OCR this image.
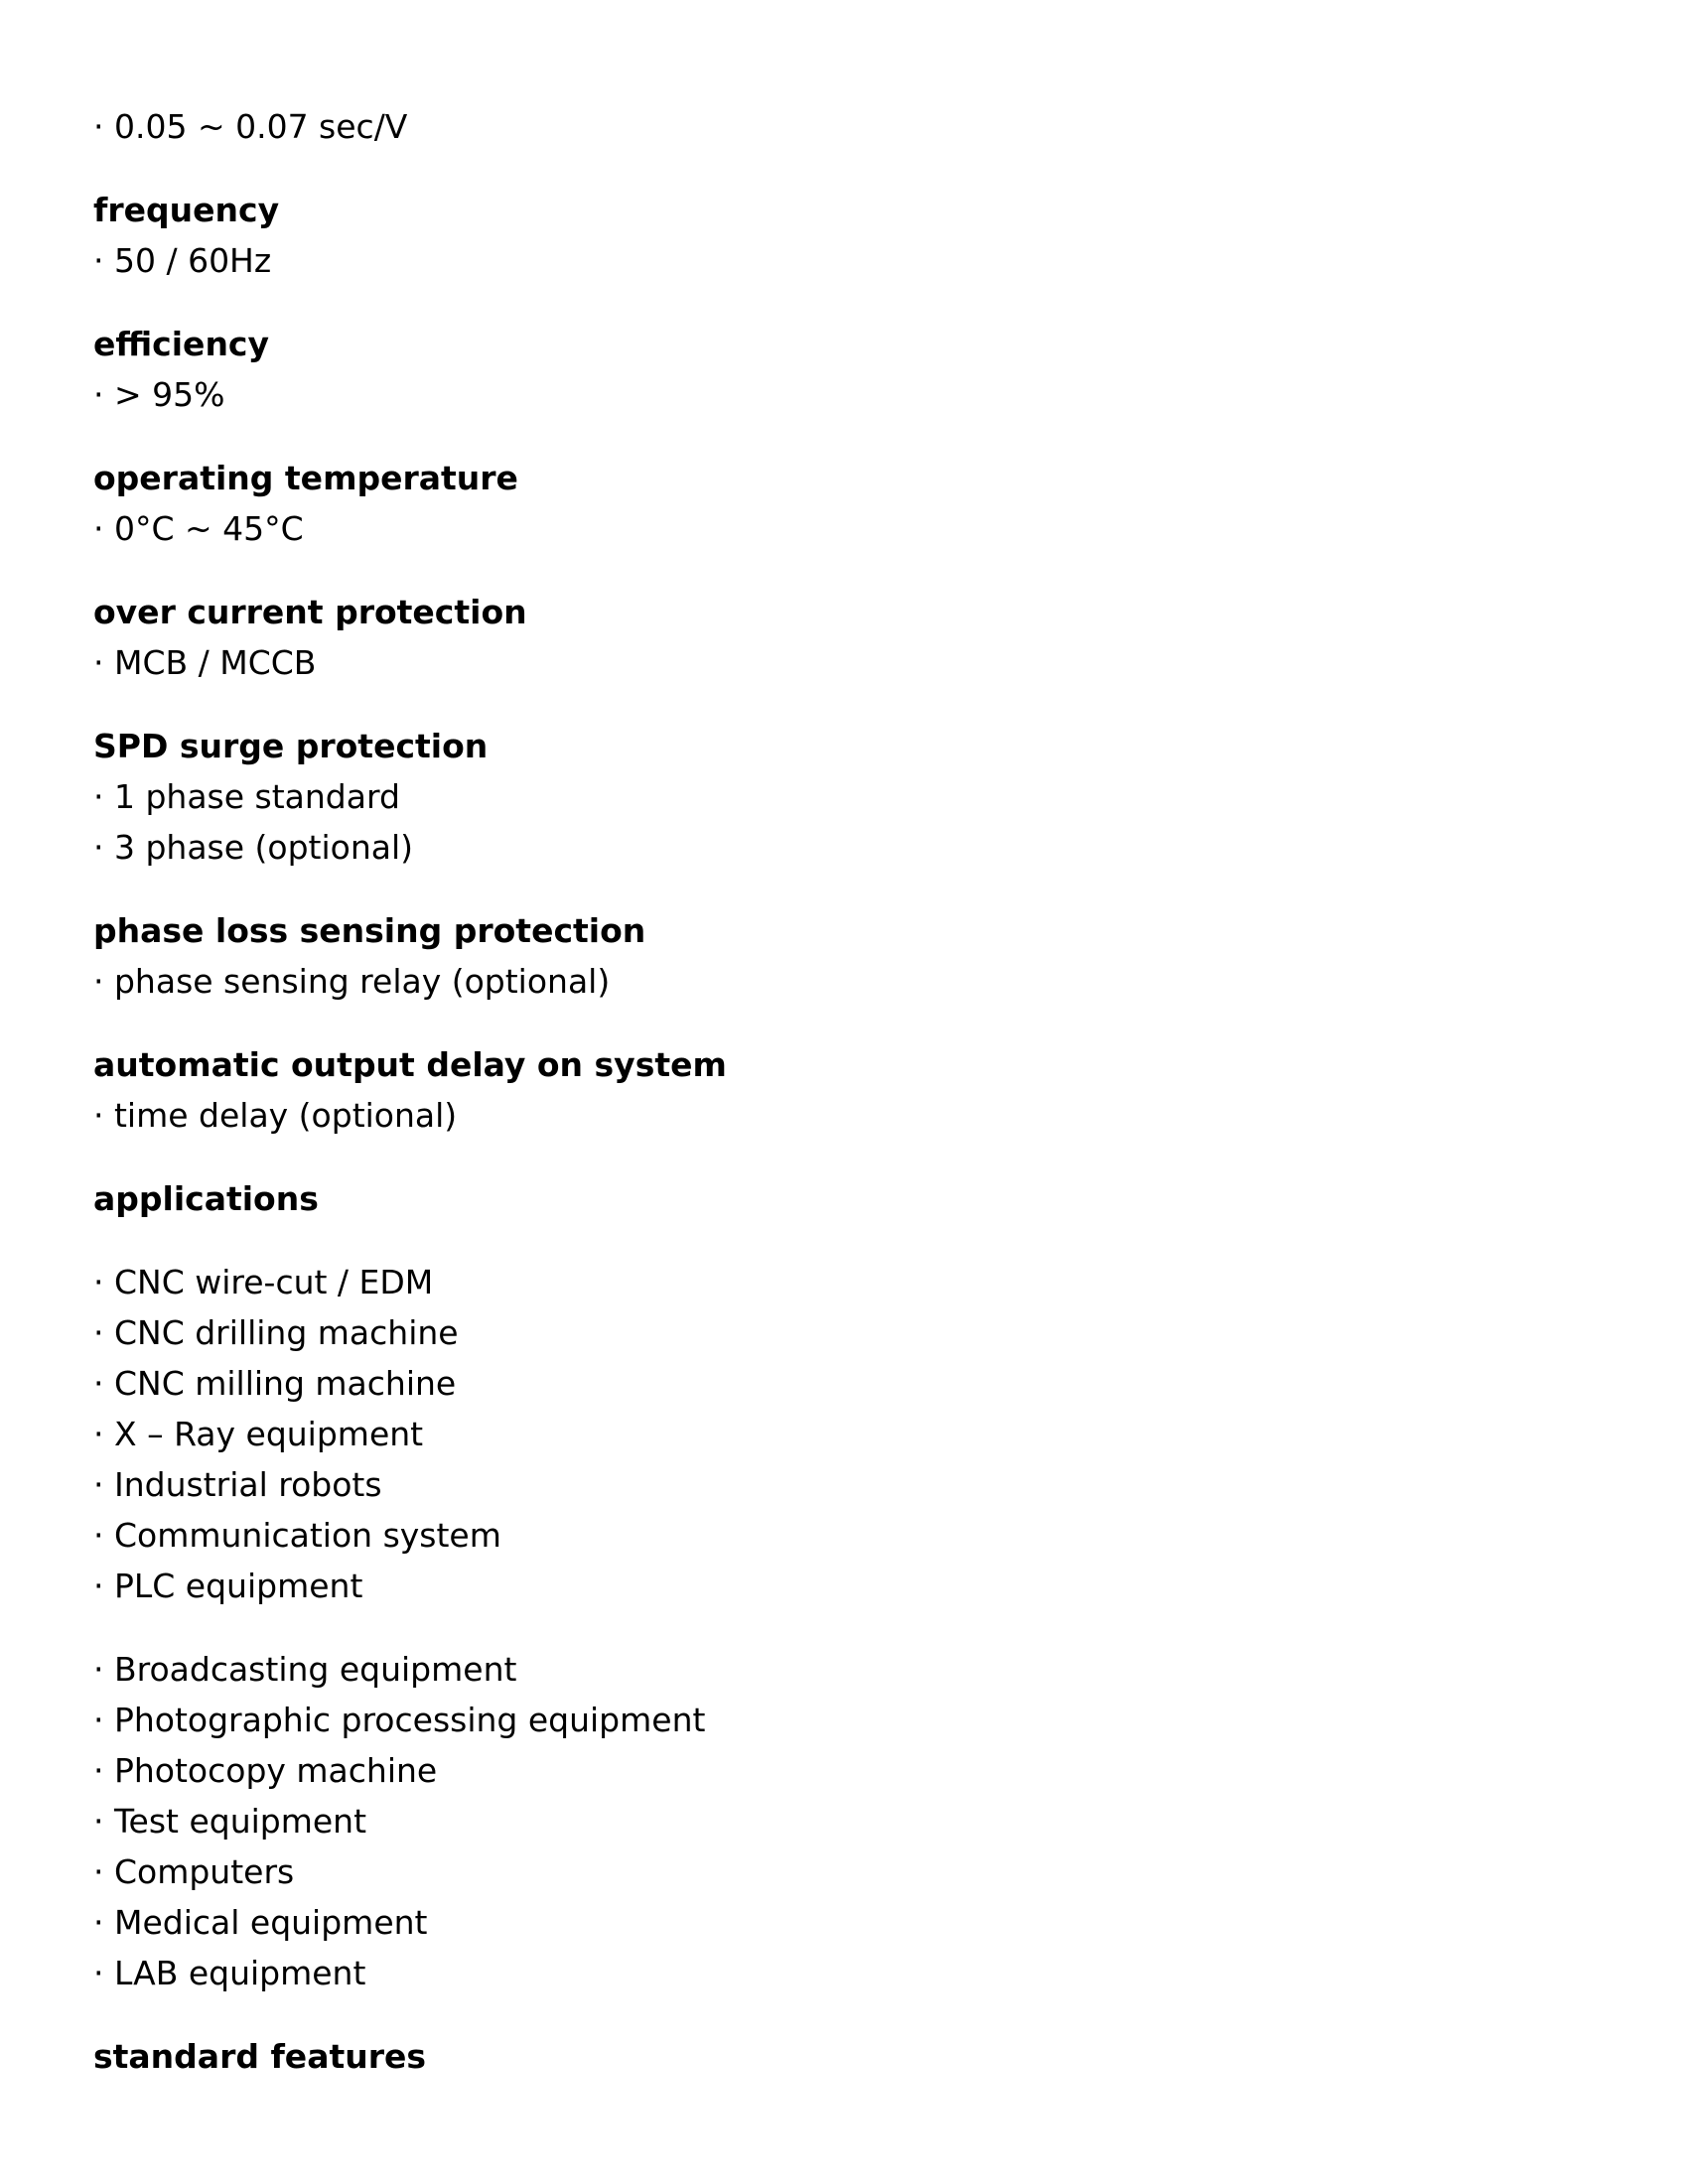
· 0.05 ~ 0.07 sec/V
frequency
· 50 / 60Hz
efficiency
· > 95%
operating temperature
· 0°C ~ 45°C
over current protection
· MCB / MCCB
SPD surge protection
· 1 phase standard
· 3 phase (optional)
phase loss sensing protection
· phase sensing relay (optional)
automatic output delay on system
· time delay (optional)
applications
· CNC wire-cut / EDM
· CNC drilling machine
· CNC milling machine
· X – Ray equipment
· Industrial robots
· Communication system
· PLC equipment
· Broadcasting equipment
· Photographic processing equipment
· Photocopy machine
· Test equipment
· Computers
· Medical equipment
· LAB equipment
standard features
